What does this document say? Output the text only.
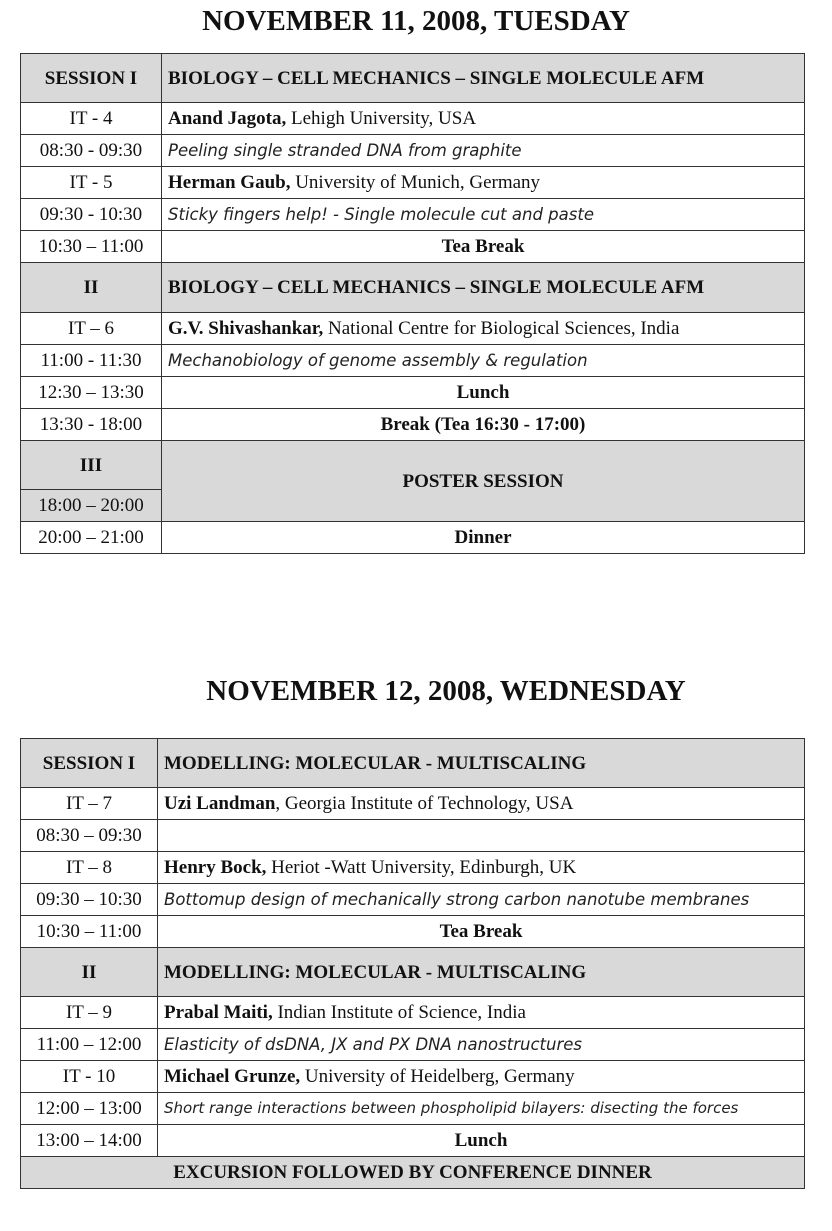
NOVEMBER 11, 2008, TUESDAY
SESSION I	BIOLOGY – CELL MECHANICS – SINGLE MOLECULE AFM
IT - 4	Anand Jagota, Lehigh University, USA
08:30 - 09:30	Peeling single stranded DNA from graphite
IT - 5	Herman Gaub, University of Munich, Germany
09:30 - 10:30	Sticky fingers help! - Single molecule cut and paste
10:30 – 11:00	Tea Break
II	BIOLOGY – CELL MECHANICS – SINGLE MOLECULE AFM
IT – 6	G.V. Shivashankar, National Centre for Biological Sciences, India
11:00 - 11:30	Mechanobiology of genome assembly & regulation
12:30 – 13:30	Lunch
13:30 - 18:00	Break (Tea 16:30 - 17:00)
III	POSTER SESSION
18:00 – 20:00	
20:00 – 21:00	Dinner
NOVEMBER 12, 2008, WEDNESDAY
SESSION I	MODELLING: MOLECULAR - MULTISCALING
IT – 7	Uzi Landman, Georgia Institute of Technology, USA
08:30 – 09:30	
IT – 8	Henry Bock, Heriot -Watt University, Edinburgh, UK
09:30 – 10:30	Bottomup design of mechanically strong carbon nanotube membranes
10:30 – 11:00	Tea Break
II	MODELLING: MOLECULAR - MULTISCALING
IT – 9	Prabal Maiti, Indian Institute of Science, India
11:00 – 12:00	Elasticity of dsDNA, JX and PX DNA nanostructures
IT - 10	Michael Grunze, University of Heidelberg, Germany
12:00 – 13:00	Short range interactions between phospholipid bilayers: disecting the forces
13:00 – 14:00	Lunch
EXCURSION FOLLOWED BY CONFERENCE DINNER	
